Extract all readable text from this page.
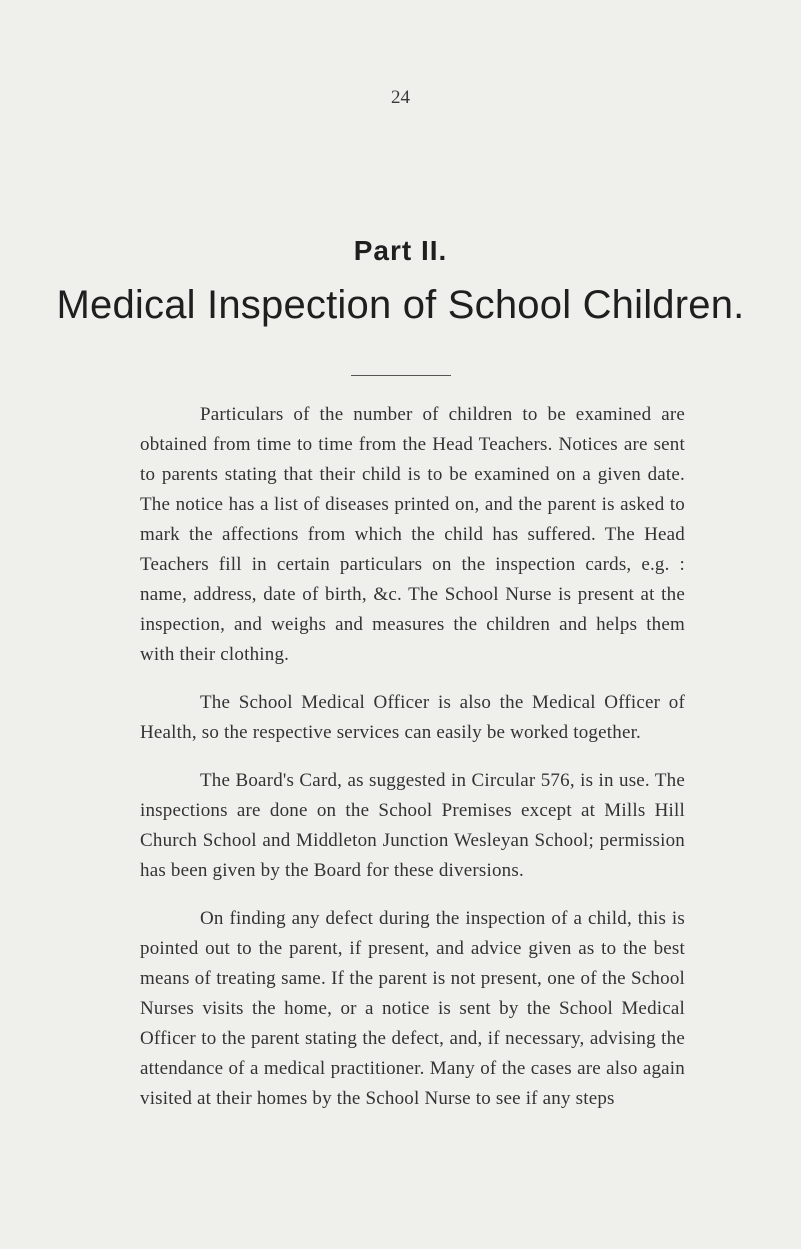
24
Part II.
Medical Inspection of School Children.

Particulars of the number of children to be examined are obtained from time to time from the Head Teachers. Notices are sent to parents stating that their child is to be examined on a given date. The notice has a list of diseases printed on, and the parent is asked to mark the affections from which the child has suffered. The Head Teachers fill in certain particulars on the inspection cards, e.g. : name, address, date of birth, &c. The School Nurse is present at the inspection, and weighs and measures the children and helps them with their clothing.

The School Medical Officer is also the Medical Officer of Health, so the respective services can easily be worked together.

The Board's Card, as suggested in Circular 576, is in use. The inspections are done on the School Premises except at Mills Hill Church School and Middleton Junction Wesleyan School; permission has been given by the Board for these diversions.

On finding any defect during the inspection of a child, this is pointed out to the parent, if present, and advice given as to the best means of treating same. If the parent is not present, one of the School Nurses visits the home, or a notice is sent by the School Medical Officer to the parent stating the defect, and, if necessary, advising the attendance of a medical practitioner. Many of the cases are also again visited at their homes by the School Nurse to see if any steps
